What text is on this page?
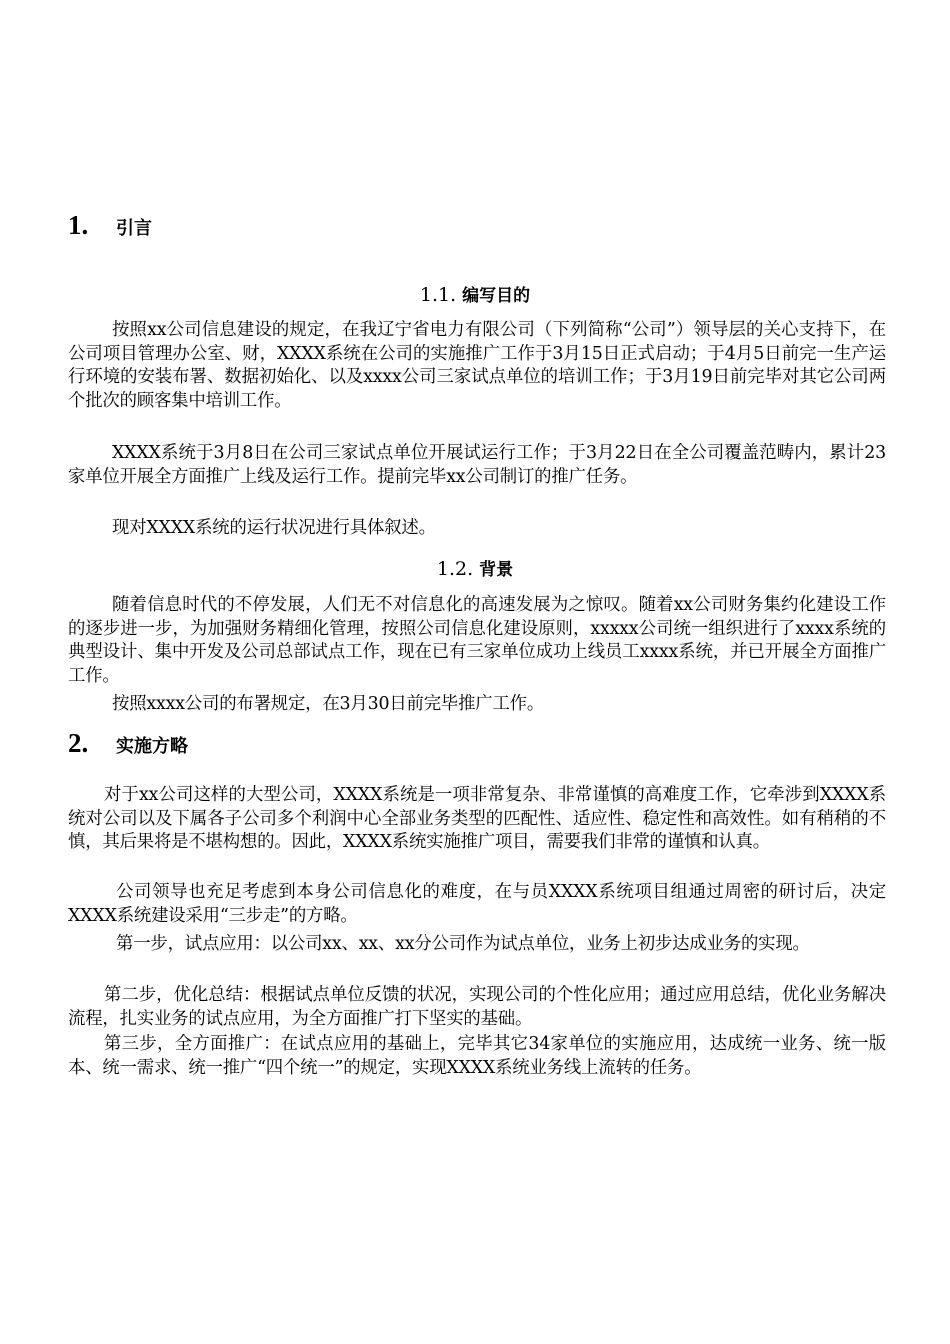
1.	引言
1.1. 编写目的
按照xx公司信息建设的规定，在我辽宁省电力有限公司（下列简称“公司”）领导层的关心支持下，在公司项目管理办公室、财，XXXX系统在公司的实施推广工作于3月15日正式启动；于4月5日前完一生产运行环境的安装布署、数据初始化、以及xxxx公司三家试点单位的培训工作；于3月19日前完毕对其它公司两个批次的顾客集中培训工作。
XXXX系统于3月8日在公司三家试点单位开展试运行工作；于3月22日在全公司覆盖范畴内，累计23家单位开展全方面推广上线及运行工作。提前完毕xx公司制订的推广任务。
现对XXXX系统的运行状况进行具体叙述。
1.2. 背景
随着信息时代的不停发展，人们无不对信息化的高速发展为之惊叹。随着xx公司财务集约化建设工作的逐步进一步，为加强财务精细化管理，按照公司信息化建设原则，xxxxx公司统一组织进行了xxxx系统的典型设计、集中开发及公司总部试点工作，现在已有三家单位成功上线员工xxxx系统，并已开展全方面推广工作。
按照xxxx公司的布署规定，在3月30日前完毕推广工作。
2.	实施方略
对于xx公司这样的大型公司，XXXX系统是一项非常复杂、非常谨慎的高难度工作，它牵涉到XXXX系统对公司以及下属各子公司多个利润中心全部业务类型的匹配性、适应性、稳定性和高效性。如有稍稍的不慎，其后果将是不堪构想的。因此，XXXX系统实施推广项目，需要我们非常的谨慎和认真。
公司领导也充足考虑到本身公司信息化的难度，在与员XXXX系统项目组通过周密的研讨后，决定XXXX系统建设采用“三步走”的方略。
第一步，试点应用：以公司xx、xx、xx分公司作为试点单位，业务上初步达成业务的实现。
第二步，优化总结：根据试点单位反馈的状况，实现公司的个性化应用；通过应用总结，优化业务解决流程，扎实业务的试点应用，为全方面推广打下坚实的基础。
第三步，全方面推广：在试点应用的基础上，完毕其它34家单位的实施应用，达成统一业务、统一版本、统一需求、统一推广“四个统一”的规定，实现XXXX系统业务线上流转的任务。
